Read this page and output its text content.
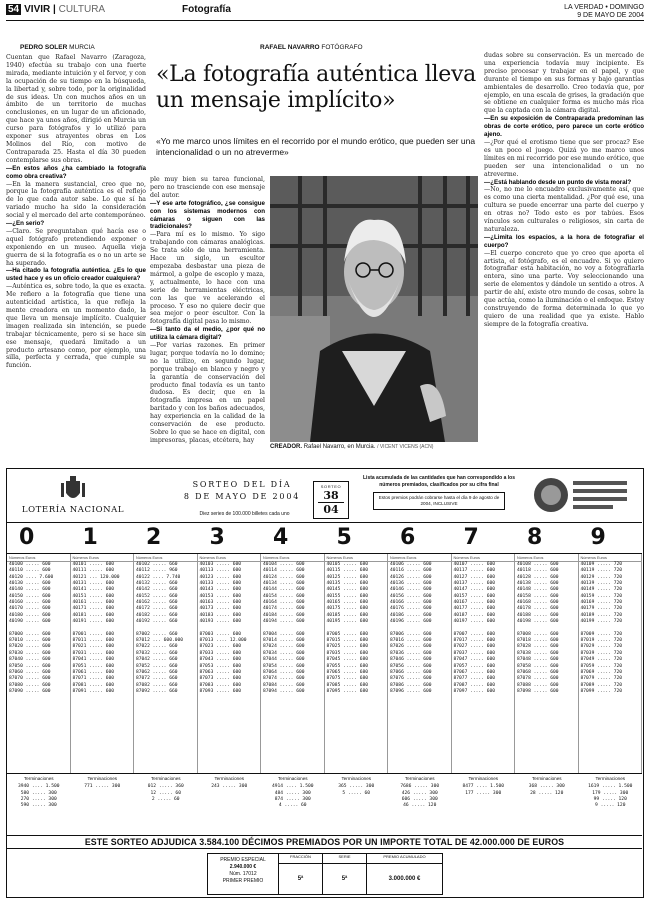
54 VIVIR | CULTURA	Fotografía	LA VERDAD • DOMINGO
9 DE MAYO DE 2004
PEDRO SOLER MURCIA	RAFAEL NAVARRO FOTÓGRAFO
«La fotografía auténtica lleva un mensaje implícito»
«Yo me marco unos límites en el recorrido por el mundo erótico, que pueden ser una intencionalidad o un no atreverme»
Cuentan que Rafael Navarro (Zaragoza, 1940) efectúa su trabajo con una fuerte mirada, mediante intuición y el fervor, y con la ocupación de su tiempo en la búsqueda, la libertad y, sobre todo, por la originalidad de sus ideas. Un con muchos años en un ámbito de un territorio de muchas conclusiones, en un lugar de un aficionado, que hace ya unos años, dirigió en Murcia un curso para fotógrafos y lo utilizó para exponer sus atrayentes obras en Los Molinos del Río, con motivo de Contraparada 25. Hasta el día 30 pueden contemplarse sus obras.
—En estos años ¿ha cambiado la fotografía como obra creativa?
—En la manera sustancial, creo que no, porque la fotografía auténtica es el reflejo de lo que cada autor sabe. Lo que sí ha variado mucho ha sido la consideración social y el mercado del arte contemporáneo.
—¿En serio?
—Claro. Se preguntaban qué hacía ese o aquel fotógrafo pretendiendo exponer o exponiendo en un museo. Aquella vieja guerra de si la fotografía es o no un arte se ha superado.
—Ha citado la fotografía auténtica. ¿Es lo que usted hace y es un oficio creador cualquiera?
—Auténtica es, sobre todo, la que es exacta. Me refiero a la fotografía que tiene una autenticidad artística, la que refleja la mente creadora en un momento dado, la que lleva un mensaje implícito. Cualquier imagen realizada sin intención, se puede trabajar técnicamente, pero si se hace sin ese mensaje, quedará limitado a un producto artesano como, por ejemplo, una silla, perfecta y cerrada, que cumple su función.
ple muy bien su tarea funcional, pero no trasciende con ese mensaje del autor.
—Y ese arte fotográfico, ¿se consigue con los sistemas modernos con cámaras o siguen con las tradicionales?
—Para mí es lo mismo. Yo sigo trabajando con cámaras analógicas. Se trata sólo de una herramienta. Hace un siglo, un escultor empezaba desbastar una pieza de mármol, a golpe de escoplo y maza, y, actualmente, lo hace con una serie de herramientas eléctricas, con las que ve acelerando el proceso. Y eso no quiere decir que sea mejor o peor escultor. Con la fotografía digital pasa lo mismo.
—Si tanto da el medio, ¿por qué no utiliza la cámara digital?
—Por varias razones. En primer lugar, porque todavía no lo domino; no la utilizo, en segundo lugar, porque trabajo en blanco y negro y la garantía de conservación del producto final todavía es un tanto dudosa. Es decir, que en la fotografía impresa en un papel baritado y con los baños adecuados, hay experiencia en la calidad de la conservación de ese producto. Sobre lo que se hace en digital, con impresoras, placas, etcétera, hay
dudas sobre su conservación. Es un mercado de una experiencia todavía muy incipiente. Es preciso procesar y trabajar en el papel, y que durante el tiempo en sus formas y bajo garantías ambientales de desarrollo. Creo todavía que, por ejemplo, en una escala de grises, la gradación que se obtiene en cualquier forma es mucho más rica que la captada con la cámara digital.
—En su exposición de Contraparada predominan las obras de corte erótico, pero parece un corte erótico ajeno.
—¿Por qué el erotismo tiene que ser procaz? Ese es un poco el juego. Quizá yo me marco unos límites en mi recorrido por ese mundo erótico, que pueden ser una intencionalidad o un no atreverme.
—¿Está hablando desde un punto de vista moral?
—No, no me lo encuadro exclusivamente así, que es como una cierta mentalidad. ¿Por qué ese, una cultura se puede encerrar una parte del cuerpo y en otras no? Todo esto es por tabúes. Esos vínculos son culturales o religiosos, sin carta de naturaleza.
—¿Limita los espacios, a la hora de fotografiar el cuerpo?
—El cuerpo concreto que yo creo que aporta el artista, el fotógrafo, es el encuadre. Si yo quiero fotografiar esta habitación, no voy a fotografiarla entera, sino una parte. Voy seleccionando una serie de elementos y dándole un sentido a otros. A partir de ahí, existe otro mundo de cosas, sobre la que actúa, como la iluminación o el enfoque. Estoy construyendo de forma determinada lo que yo quiero de una realidad que ya existe. Hablo siempre de la fotografía creativa.
CREADOR. Rafael Navarro, en Murcia. / VICENT VICENS (ACN)
LOTERÍA NACIONAL
SORTEO DEL DÍA
8 DE MAYO DE 2004
Diez series de 100.000 billetes cada uno
SORTEO
38
04
Lista acumulada de las cantidades que han correspondido a los números premiados, clasificados por su cifra final
Estos premios podrán cobrarse hasta el día 9 de agosto de 2004, INCLUSIVE
0 1 2 3 4 5 6 7 8 9
Números Euros
40100 ..... 600
40110 ..... 600
40120 .... 7.600
40130 ..... 600
40140 ..... 600
40150 ..... 600
40160 ..... 600
40170 ..... 600
40180 ..... 600
40190 ..... 600

87000 ..... 600
87010 ..... 600
87020 ..... 600
87030 ..... 600
87040 ..... 600
87050 ..... 600
87060 ..... 600
87070 ..... 600
87080 ..... 600
87090 ..... 600
Números Euros
40101 ..... 600
40111 ..... 600
40121 ... 120.000
40131 ..... 600
40141 ..... 600
40151 ..... 600
40161 ..... 600
40171 ..... 600
40181 ..... 600
40191 ..... 600

87001 ..... 600
87011 ..... 600
87021 ..... 600
87031 ..... 600
87041 ..... 600
87051 ..... 600
87061 ..... 600
87071 ..... 600
87081 ..... 600
87091 ..... 600
Números Euros
40102 ..... 660
40112 ..... 960
40122 .... 7.740
40132 ..... 660
40142 ..... 660
40152 ..... 660
40162 ..... 660
40172 ..... 660
40182 ..... 660
40192 ..... 660

87002 ..... 660
87012 ... 600.000
87022 ..... 660
87032 ..... 660
87042 ..... 660
87052 ..... 660
87062 ..... 660
87072 ..... 660
87082 ..... 660
87092 ..... 660
Números Euros
40103 ..... 600
40113 ..... 600
40123 ..... 600
40133 ..... 600
40143 ..... 600
40153 ..... 600
40163 ..... 600
40173 ..... 600
40183 ..... 600
40193 ..... 600

87003 ..... 600
87013 .... 12.000
87023 ..... 600
87033 ..... 600
87043 ..... 600
87053 ..... 600
87063 ..... 600
87073 ..... 600
87083 ..... 600
87093 ..... 600
Números Euros
40104 ..... 600
40114 ..... 600
40124 ..... 600
40134 ..... 600
40144 ..... 600
40154 ..... 600
40164 ..... 600
40174 ..... 600
40184 ..... 600
40194 ..... 600

87004 ..... 600
87014 ..... 600
87024 ..... 600
87034 ..... 600
87044 ..... 600
87054 ..... 600
87064 ..... 600
87074 ..... 600
87084 ..... 600
87094 ..... 600
Números Euros
40105 ..... 680
40115 ..... 680
40125 ..... 680
40135 ..... 680
40145 ..... 680
40155 ..... 680
40165 ..... 680
40175 ..... 680
40185 ..... 680
40195 ..... 680

87005 ..... 680
87015 ..... 680
87025 ..... 680
87035 ..... 680
87045 ..... 680
87055 ..... 680
87065 ..... 680
87075 ..... 680
87085 ..... 680
87095 ..... 680
Números Euros
40106 ..... 600
40116 ..... 600
40126 ..... 600
40136 ..... 600
40146 ..... 600
40156 ..... 600
40166 ..... 600
40176 ..... 600
40186 ..... 600
40196 ..... 600

87006 ..... 600
87016 ..... 600
87026 ..... 600
87036 ..... 600
87046 ..... 600
87056 ..... 600
87066 ..... 600
87076 ..... 600
87086 ..... 600
87096 ..... 600
Números Euros
40107 ..... 600
40117 ..... 600
40127 ..... 600
40137 ..... 600
40147 ..... 600
40157 ..... 600
40167 ..... 600
40177 ..... 600
40187 ..... 600
40197 ..... 600

87007 ..... 600
87017 ..... 600
87027 ..... 600
87037 ..... 600
87047 ..... 600
87057 ..... 600
87067 ..... 600
87077 ..... 600
87087 ..... 600
87097 ..... 600
Números Euros
40108 ..... 600
40118 ..... 600
40128 ..... 600
40138 ..... 600
40148 ..... 600
40158 ..... 600
40168 ..... 600
40178 ..... 600
40188 ..... 600
40198 ..... 600

87008 ..... 600
87018 ..... 600
87028 ..... 600
87038 ..... 600
87048 ..... 600
87058 ..... 600
87068 ..... 600
87078 ..... 600
87088 ..... 600
87098 ..... 600
Números Euros
40109 ..... 720
40119 ..... 720
40129 ..... 720
40139 ..... 720
40149 ..... 720
40159 ..... 720
40169 ..... 720
40179 ..... 720
40189 ..... 720
40199 ..... 720

87009 ..... 720
87019 ..... 720
87029 ..... 720
87039 ..... 720
87049 ..... 720
87059 ..... 720
87069 ..... 720
87079 ..... 720
87089 ..... 720
87099 ..... 720
Terminaciones
3940 .... 1.500
580 ..... 300
270 ..... 300
590 ..... 300
Terminaciones
771 ..... 300
Terminaciones
012 ..... 360
12 ..... 60
2 ..... 60
Terminaciones
243 ..... 300
Terminaciones
4914 .... 1.500
484 ..... 300
874 ..... 300
4 ..... 60
Terminaciones
365 ..... 300
5 ..... 60
Terminaciones
7686 ..... 300
426 ..... 300
606 ..... 300
46 ..... 120
Terminaciones
8477 .... 1.500
177 ..... 300
Terminaciones
368 ..... 300
28 ..... 120
Terminaciones
1619 ..... 1.500
179 ..... 300
99 ..... 120
9 ..... 120
ESTE SORTEO ADJUDICA 3.584.100 DÉCIMOS PREMIADOS POR UN IMPORTE TOTAL DE 42.000.000 DE EUROS
PREMIO ESPECIAL
2.940.000 €
Núm. 17012
PRIMER PREMIO
FRACCIÓN
5ª
SERIE
5ª
PREMIO ACUMULADO
3.000.000 €
